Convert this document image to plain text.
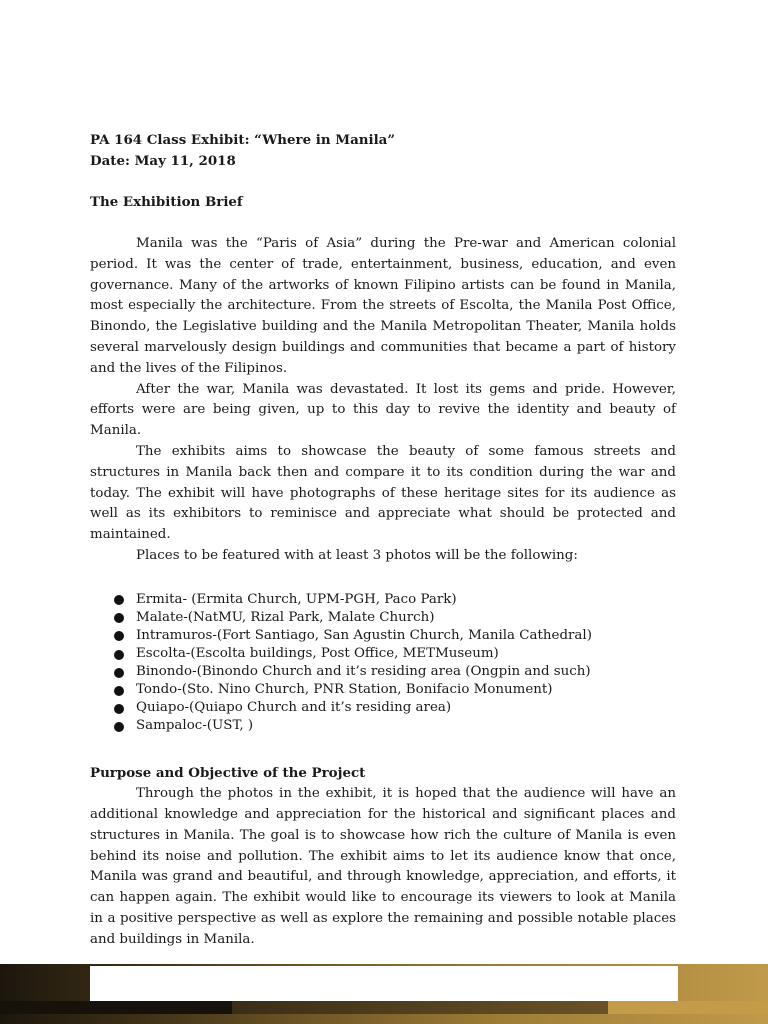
PA 164 Class Exhibit: “Where in Manila”
Date: May 11, 2018
The Exhibition Brief

Manila was the “Paris of Asia” during the Pre-war and American colonial period. It was the center of trade, entertainment, business, education, and even governance. Many of the artworks of known Filipino artists can be found in Manila, most especially the architecture. From the streets of Escolta, the Manila Post Office, Binondo, the Legislative building and the Manila Metropolitan Theater, Manila holds several marvelously design buildings and communities that became a part of history and the lives of the Filipinos.

After the war, Manila was devastated. It lost its gems and pride. However, efforts were are being given, up to this day to revive the identity and beauty of Manila.

The exhibits aims to showcase the beauty of some famous streets and structures in Manila back then and compare it to its condition during the war and today. The exhibit will have photographs of these heritage sites for its audience as well as its exhibitors to reminisce and appreciate what should be protected and maintained.

Places to be featured with at least 3 photos will be the following:

Ermita- (Ermita Church, UPM-PGH, Paco Park)
Malate-(NatMU, Rizal Park, Malate Church)
Intramuros-(Fort Santiago, San Agustin Church, Manila Cathedral)
Escolta-(Escolta buildings, Post Office, METMuseum)
Binondo-(Binondo Church and it’s residing area (Ongpin and such)
Tondo-(Sto. Nino Church, PNR Station, Bonifacio Monument)
Quiapo-(Quiapo Church and it’s residing area)
Sampaloc-(UST, )
Purpose and Objective of the Project

Through the photos in the exhibit, it is hoped that the audience will have an additional knowledge and appreciation for the historical and significant places and structures in Manila. The goal is to showcase how rich the culture of Manila is even behind its noise and pollution. The exhibit aims to let its audience know that once, Manila was grand and beautiful, and through knowledge, appreciation, and efforts, it can happen again. The exhibit would like to encourage its viewers to look at Manila in a positive perspective as well as explore the remaining and possible notable places and buildings in Manila.
